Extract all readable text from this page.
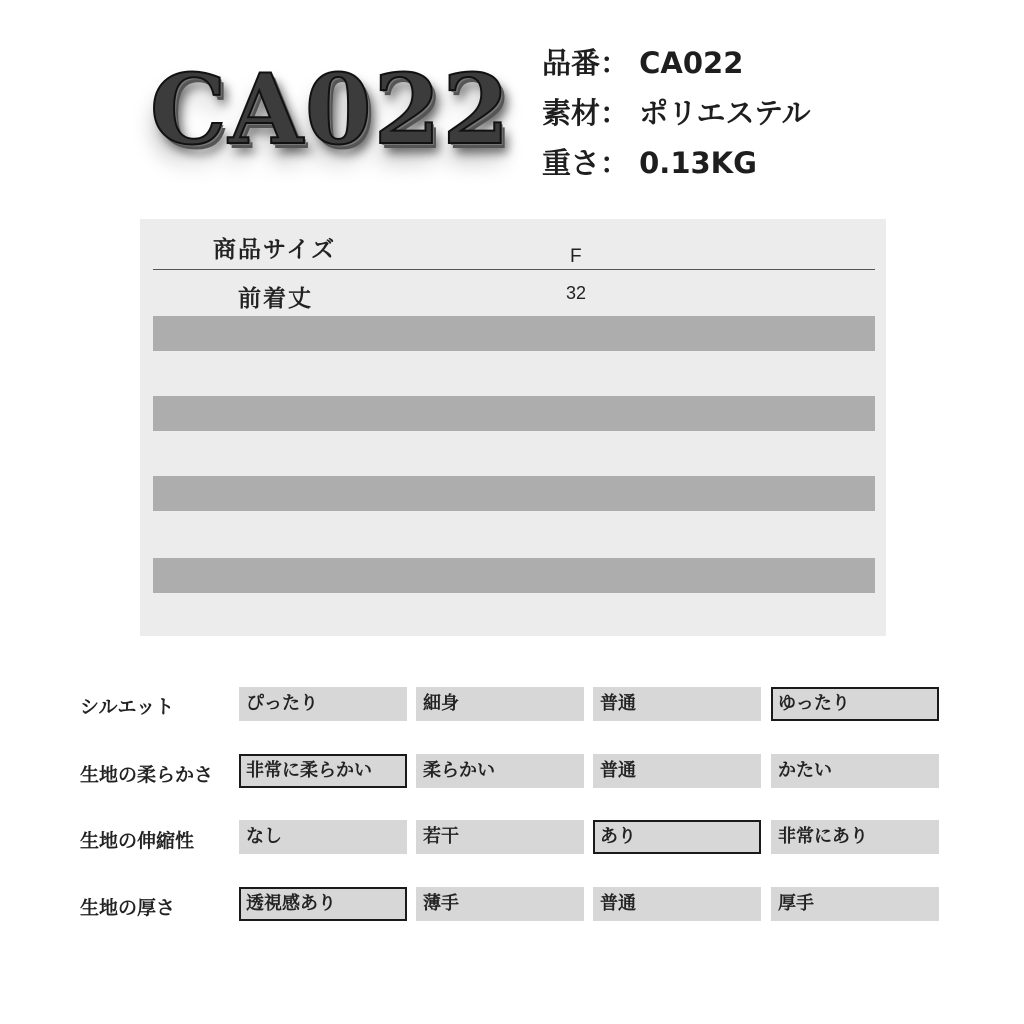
CA022 品番： CA022
素材： ポリエステル
重さ： 0.13KG
商品サイズ	F
前着丈	32
シルエット	ぴったり	細身	普通	ゆったり
生地の柔らかさ	非常に柔らかい	柔らかい	普通	かたい
生地の伸縮性	なし	若干	あり	非常にあり
生地の厚さ	透視感あり	薄手	普通	厚手
